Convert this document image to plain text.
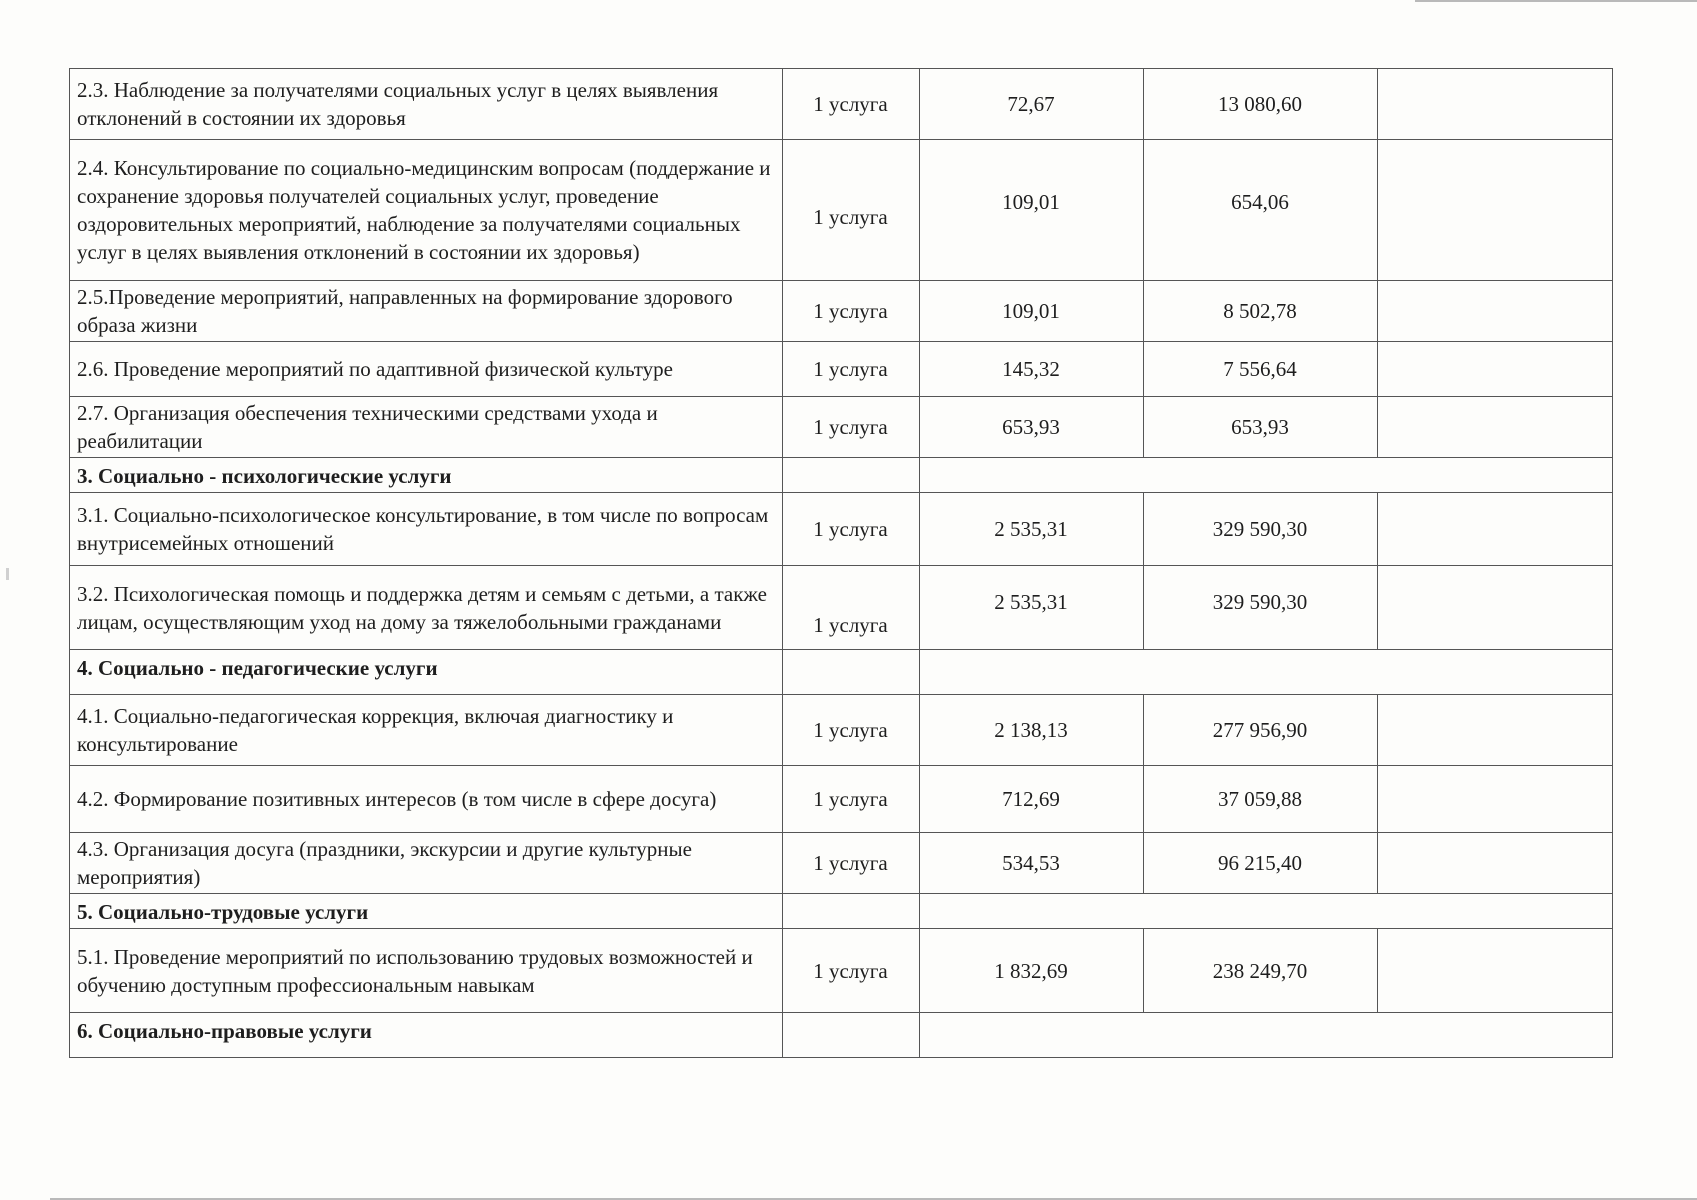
2.3. Наблюдение за получателями социальных услуг в целях выявления отклонений в состоянии их здоровья	1 услуга	72,67	13 080,60	
2.4. Консультирование по социально-медицинским вопросам (поддержание и сохранение здоровья получателей социальных услуг, проведение оздоровительных мероприятий, наблюдение за получателями социальных услуг в целях выявления отклонений в состоянии их здоровья)	1 услуга	109,01	654,06	
2.5.Проведение мероприятий, направленных на формирование здорового образа жизни	1 услуга	109,01	8 502,78	
2.6. Проведение мероприятий по адаптивной физической культуре	1 услуга	145,32	7 556,64	
2.7. Организация обеспечения техническими средствами ухода и реабилитации	1 услуга	653,93	653,93	
3. Социально - психологические услуги				
3.1. Социально-психологическое консультирование, в том числе по вопросам внутрисемейных отношений	1 услуга	2 535,31	329 590,30	
3.2. Психологическая помощь и поддержка детям и семьям с детьми, а также лицам, осуществляющим уход на дому за тяжелобольными гражданами	1 услуга	2 535,31	329 590,30	
4. Социально - педагогические услуги				
4.1. Социально-педагогическая коррекция, включая диагностику и консультирование	1 услуга	2 138,13	277 956,90	
4.2. Формирование позитивных интересов (в том числе в сфере досуга)	1 услуга	712,69	37 059,88	
4.3. Организация досуга (праздники, экскурсии и другие культурные мероприятия)	1 услуга	534,53	96 215,40	
5. Социально-трудовые услуги				
5.1. Проведение мероприятий по использованию трудовых возможностей и обучению доступным профессиональным навыкам	1 услуга	1 832,69	238 249,70	
6. Социально-правовые услуги				
